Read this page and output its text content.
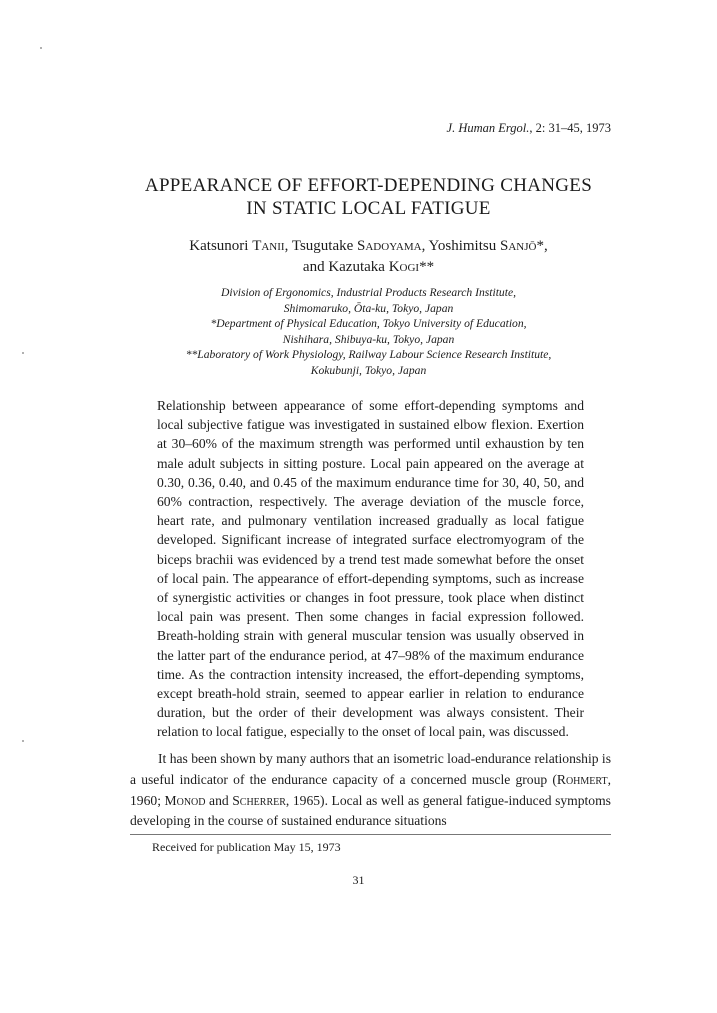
J. Human Ergol., 2: 31–45, 1973
APPEARANCE OF EFFORT-DEPENDING CHANGES
IN STATIC LOCAL FATIGUE
Katsunori Tanii, Tsugutake Sadoyama, Yoshimitsu Sanjō*,
and Kazutaka Kogi**
Division of Ergonomics, Industrial Products Research Institute,
Shimomaruko, Ōta-ku, Tokyo, Japan
*Department of Physical Education, Tokyo University of Education,
Nishihara, Shibuya-ku, Tokyo, Japan
**Laboratory of Work Physiology, Railway Labour Science Research Institute,
Kokubunji, Tokyo, Japan
Relationship between appearance of some effort-depending symptoms and local subjective fatigue was investigated in sustained elbow flexion. Exertion at 30–60% of the maximum strength was performed until exhaustion by ten male adult subjects in sitting posture. Local pain appeared on the average at 0.30, 0.36, 0.40, and 0.45 of the maximum endurance time for 30, 40, 50, and 60% contraction, respectively. The average deviation of the muscle force, heart rate, and pulmonary ventilation increased gradually as local fatigue developed. Significant increase of integrated surface electromyogram of the biceps brachii was evidenced by a trend test made somewhat before the onset of local pain. The appearance of effort-depending symptoms, such as increase of synergistic activities or changes in foot pressure, took place when distinct local pain was present. Then some changes in facial expression followed. Breath-holding strain with general muscular tension was usually observed in the latter part of the endurance period, at 47–98% of the maximum endurance time. As the contraction intensity increased, the effort-depending symptoms, except breath-hold strain, seemed to appear earlier in relation to endurance duration, but the order of their development was always consistent. Their relation to local fatigue, especially to the onset of local pain, was discussed.

It has been shown by many authors that an isometric load-endurance relationship is a useful indicator of the endurance capacity of a concerned muscle group (Rohmert, 1960; Monod and Scherrer, 1965). Local as well as general fatigue-induced symptoms developing in the course of sustained endurance situations

Received for publication May 15, 1973
31
